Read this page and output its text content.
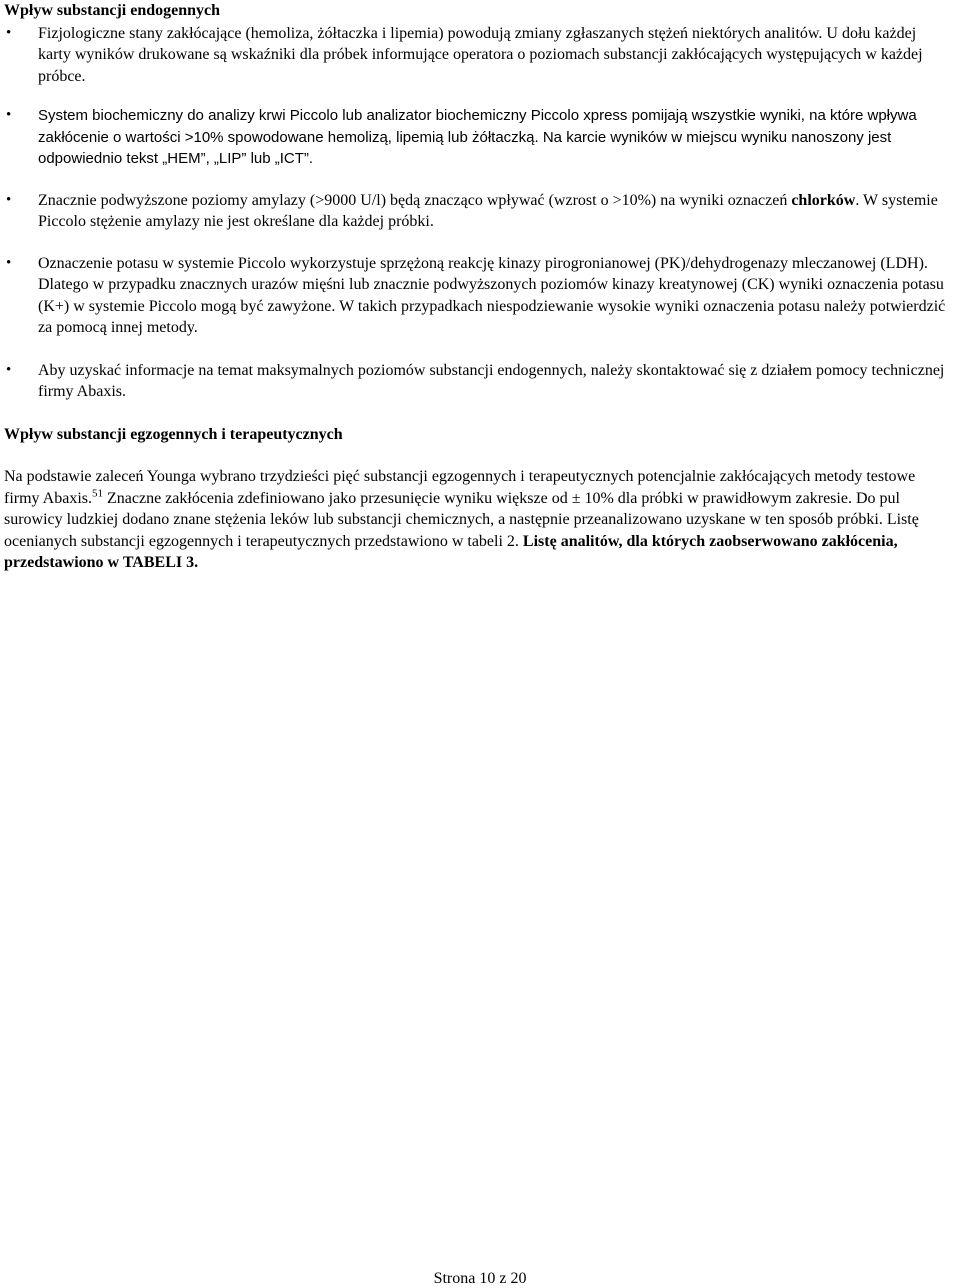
Wpływ substancji endogennych
•	Fizjologiczne stany zakłócające (hemoliza, żółtaczka i lipemia) powodują zmiany zgłaszanych stężeń niektórych analitów. U dołu każdej karty wyników drukowane są wskaźniki dla próbek informujące operatora o poziomach substancji zakłócających występujących w każdej próbce.
•	System biochemiczny do analizy krwi Piccolo lub analizator biochemiczny Piccolo xpress pomijają wszystkie wyniki, na które wpływa zakłócenie o wartości >10% spowodowane hemolizą, lipemią lub żółtaczką. Na karcie wyników w miejscu wyniku nanoszony jest odpowiednio tekst „HEM”, „LIP” lub „ICT”.
•	Znacznie podwyższone poziomy amylazy (>9000 U/l) będą znacząco wpływać (wzrost o >10%) na wyniki oznaczeń chlorków. W systemie Piccolo stężenie amylazy nie jest określane dla każdej próbki.
•	Oznaczenie potasu w systemie Piccolo wykorzystuje sprzężoną reakcję kinazy pirogronianowej (PK)/dehydrogenazy mleczanowej (LDH). Dlatego w przypadku znacznych urazów mięśni lub znacznie podwyższonych poziomów kinazy kreatynowej (CK) wyniki oznaczenia potasu (K+) w systemie Piccolo mogą być zawyżone. W takich przypadkach niespodziewanie wysokie wyniki oznaczenia potasu należy potwierdzić za pomocą innej metody.
•	Aby uzyskać informacje na temat maksymalnych poziomów substancji endogennych, należy skontaktować się z działem pomocy technicznej firmy Abaxis.
Wpływ substancji egzogennych i terapeutycznych
Na podstawie zaleceń Younga wybrano trzydzieści pięć substancji egzogennych i terapeutycznych potencjalnie zakłócających metody testowe firmy Abaxis.$^{51}$ Znaczne zakłócenia zdefiniowano jako przesunięcie wyniku większe od ± 10% dla próbki w prawidłowym zakresie. Do pul surowicy ludzkiej dodano znane stężenia leków lub substancji chemicznych, a następnie przeanalizowano uzyskane w ten sposób próbki. Listę ocenianych substancji egzogennych i terapeutycznych przedstawiono w tabeli 2. Listę analitów, dla których zaobserwowano zakłócenia, przedstawiono w TABELI 3.
Strona 10 z 20
